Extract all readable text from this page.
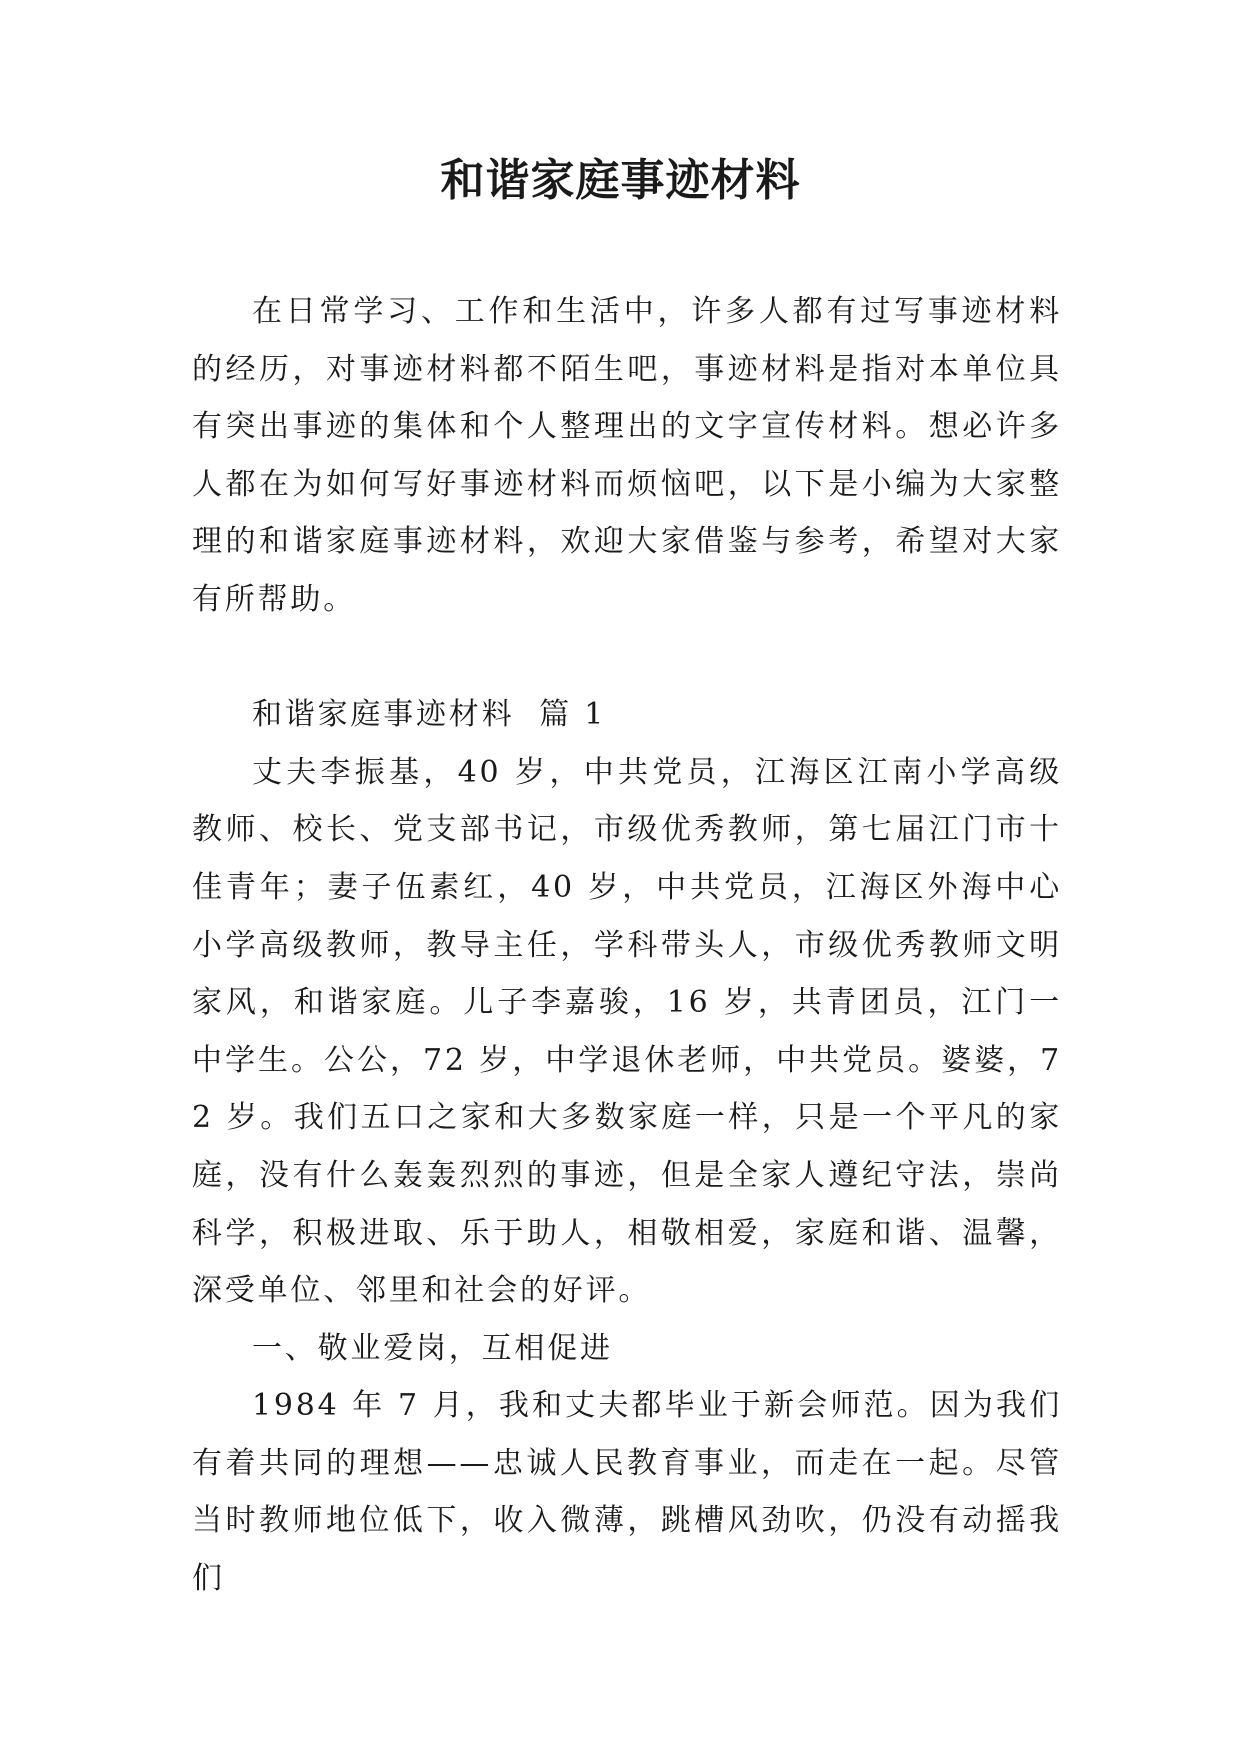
和谐家庭事迹材料

在日常学习、工作和生活中，许多人都有过写事迹材料的经历，对事迹材料都不陌生吧，事迹材料是指对本单位具有突出事迹的集体和个人整理出的文字宣传材料。想必许多人都在为如何写好事迹材料而烦恼吧，以下是小编为大家整理的和谐家庭事迹材料，欢迎大家借鉴与参考，希望对大家有所帮助。

和谐家庭事迹材料  篇 1

丈夫李振基，40 岁，中共党员，江海区江南小学高级教师、校长、党支部书记，市级优秀教师，第七届江门市十佳青年；妻子伍素红，40 岁，中共党员，江海区外海中心小学高级教师，教导主任，学科带头人，市级优秀教师文明家风，和谐家庭。儿子李嘉骏，16 岁，共青团员，江门一中学生。公公，72 岁，中学退休老师，中共党员。婆婆，72 岁。我们五口之家和大多数家庭一样，只是一个平凡的家庭，没有什么轰轰烈烈的事迹，但是全家人遵纪守法，崇尚科学，积极进取、乐于助人，相敬相爱，家庭和谐、温馨，深受单位、邻里和社会的好评。

一、敬业爱岗，互相促进

1984 年 7 月，我和丈夫都毕业于新会师范。因为我们有着共同的理想——忠诚人民教育事业，而走在一起。尽管当时教师地位低下，收入微薄，跳槽风劲吹，仍没有动摇我们
